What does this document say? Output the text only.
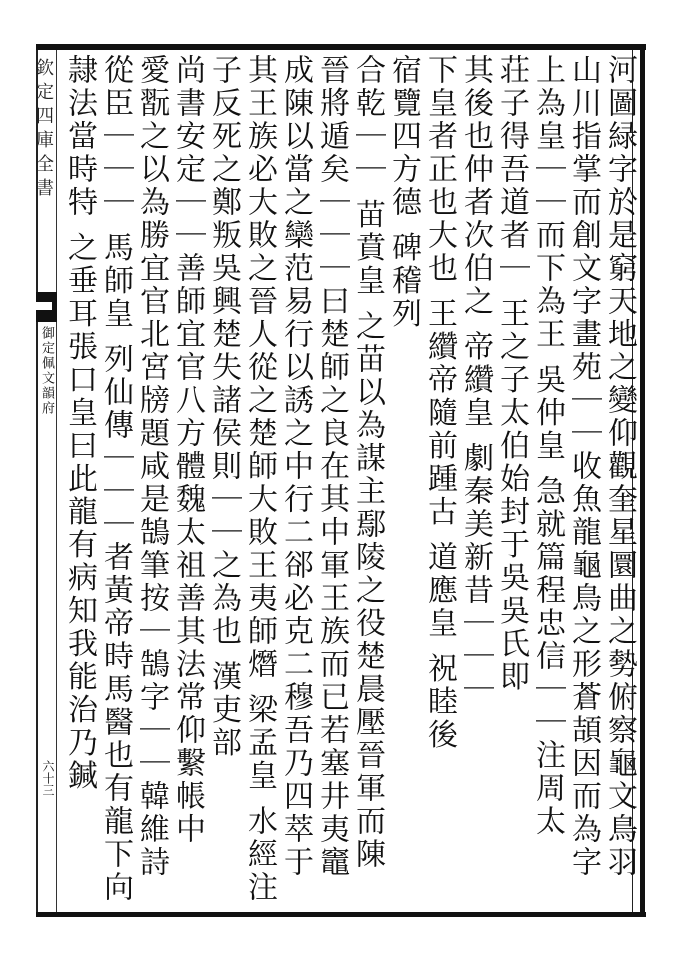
欽定四庫全書
御定佩文韻府
六十三	河圖緑字於是窮天地之變仰觀奎星圜曲之勢俯察龜文鳥羽
山川指掌而創文字畫苑｜｜收魚龍龜鳥之形蒼頡因而為字
上為皇｜｜而下為王 吳仲皇 急就篇程忠信｜｜注周太
荘子得吾道者｜ 王之子太伯始封于吳吳氏即
其後也仲者次伯之 帝纘皇 劇秦美新昔｜｜｜
下皇者正也大也 王纘帝隨前踵古 道應皇 祝睦後
宿覽四方德 碑稽列
合乾｜｜ 苗賁皇 之苗以為謀主鄢陵之役楚晨壓晉軍而陳
晉將遁矣｜｜｜曰楚師之良在其中軍王族而已若塞井夷竈
成陳以當之欒范易行以誘之中行二郤必克二穆吾乃四萃于
其王族必大敗之晉人從之楚師大敗王夷師熸 梁孟皇 水經注
子反死之鄭叛吳興楚失諸侯則｜｜之為也 漢吏部
尚書安定｜｜善師宜官八方體魏太祖善其法常仰繫帳中
愛翫之以為勝宜官北宮牓題咸是鵠筆按｜鵠字｜｜韓維詩
從臣｜｜｜ 馬師皇 列仙傳｜｜｜者黃帝時馬醫也有龍下向
隷法當時特 之垂耳張口皇曰此龍有病知我能治乃鍼
